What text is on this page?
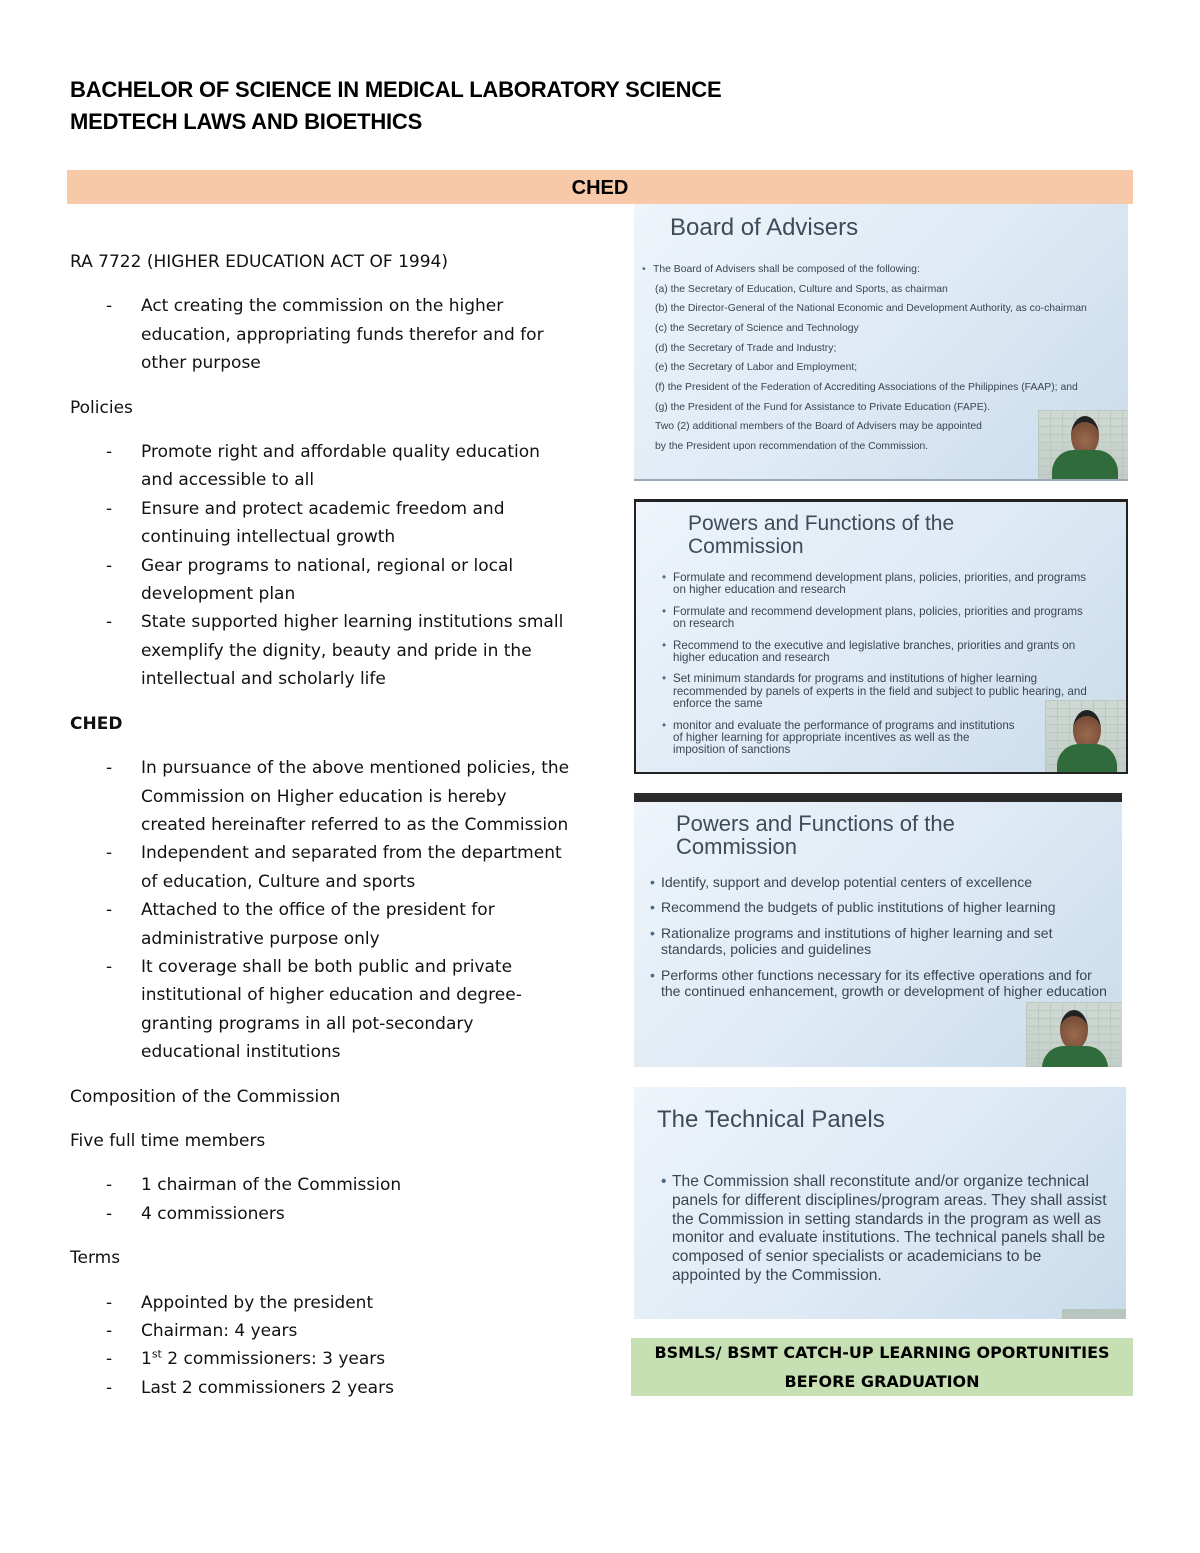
BACHELOR OF SCIENCE IN MEDICAL LABORATORY SCIENCE
MEDTECH LAWS AND BIOETHICS
CHED

RA 7722 (HIGHER EDUCATION ACT OF 1994)

- Act creating the commission on the higher education, appropriating funds therefor and for other purpose

Policies

- Promote right and affordable quality education and accessible to all
- Ensure and protect academic freedom and continuing intellectual growth
- Gear programs to national, regional or local development plan
- State supported higher learning institutions small exemplify the dignity, beauty and pride in the intellectual and scholarly life

CHED

- In pursuance of the above mentioned policies, the Commission on Higher education is hereby created hereinafter referred to as the Commission
- Independent and separated from the department of education, Culture and sports
- Attached to the office of the president for administrative purpose only
- It coverage shall be both public and private institutional of higher education and degree-granting programs in all pot-secondary educational institutions

Composition of the Commission

Five full time members

- 1 chairman of the Commission
- 4 commissioners

Terms

- Appointed by the president
- Chairman: 4 years
- 1st 2 commissioners: 3 years
- Last 2 commissioners 2 years
Board of Advisers
• The Board of Advisers shall be composed of the following:
(a) the Secretary of Education, Culture and Sports, as chairman
(b) the Director-General of the National Economic and Development Authority, as co-chairman
(c) the Secretary of Science and Technology
(d) the Secretary of Trade and Industry;
(e) the Secretary of Labor and Employment;
(f) the President of the Federation of Accrediting Associations of the Philippines (FAAP); and
(g) the President of the Fund for Assistance to Private Education (FAPE).
Two (2) additional members of the Board of Advisers may be appointed
by the President upon recommendation of the Commission.
Powers and Functions of the Commission
• Formulate and recommend development plans, policies, priorities, and programs on higher education and research
• Formulate and recommend development plans, policies, priorities and programs on research
• Recommend to the executive and legislative branches, priorities and grants on higher education and research
• Set minimum standards for programs and institutions of higher learning recommended by panels of experts in the field and subject to public hearing, and enforce the same
• monitor and evaluate the performance of programs and institutions of higher learning for appropriate incentives as well as the imposition of sanctions
Powers and Functions of the Commission
• Identify, support and develop potential centers of excellence
• Recommend the budgets of public institutions of higher learning
• Rationalize programs and institutions of higher learning and set standards, policies and guidelines
• Performs other functions necessary for its effective operations and for the continued enhancement, growth or development of higher education
The Technical Panels
• The Commission shall reconstitute and/or organize technical panels for different disciplines/program areas. They shall assist the Commission in setting standards in the program as well as monitor and evaluate institutions. The technical panels shall be composed of senior specialists or academicians to be appointed by the Commission.
BSMLS/ BSMT CATCH-UP LEARNING OPORTUNITIES
BEFORE GRADUATION
